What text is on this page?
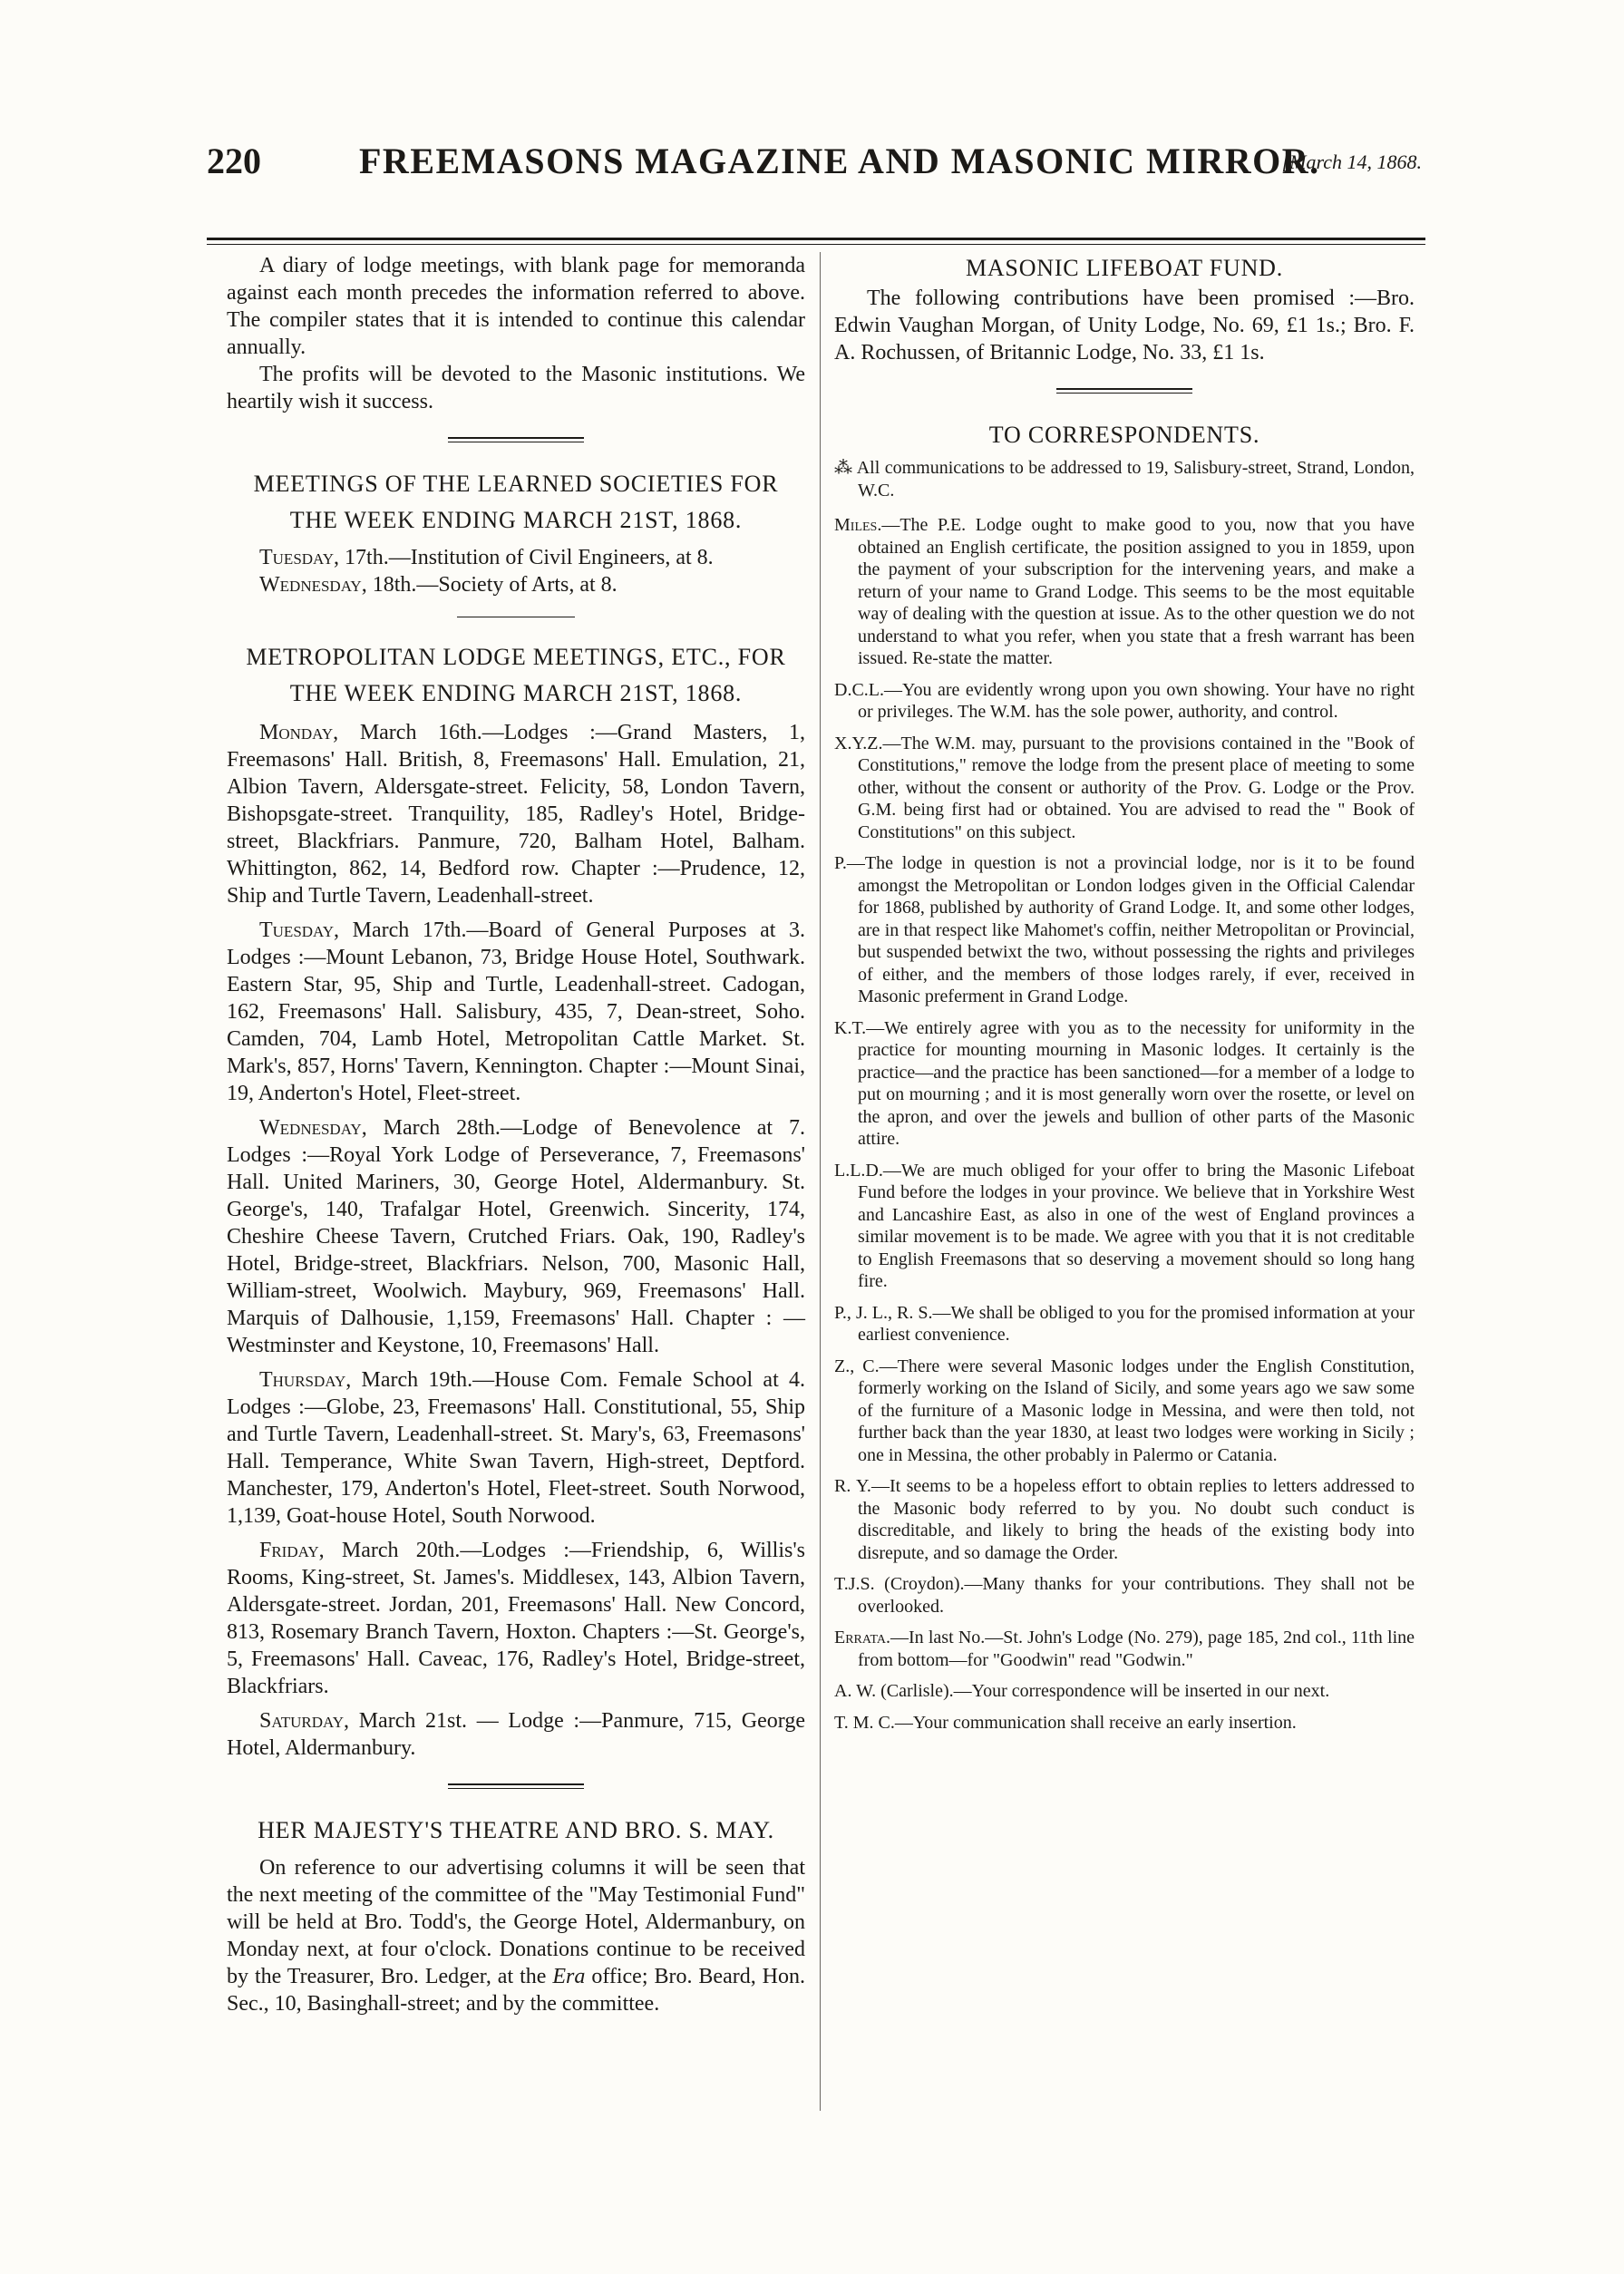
220	FREEMASONS MAGAZINE AND MASONIC MIRROR.
[March 14, 1868.

A diary of lodge meetings, with blank page for memoranda against each month precedes the information referred to above. The compiler states that it is intended to continue this calendar annually.

The profits will be devoted to the Masonic institutions. We heartily wish it success.

MEETINGS OF THE LEARNED SOCIETIES FOR THE WEEK ENDING MARCH 21ST, 1868.

Tuesday, 17th.—Institution of Civil Engineers, at 8.

Wednesday, 18th.—Society of Arts, at 8.

METROPOLITAN LODGE MEETINGS, ETC., FOR THE WEEK ENDING MARCH 21ST, 1868.

Monday, March 16th.—Lodges :—Grand Masters, 1, Freemasons' Hall. British, 8, Freemasons' Hall. Emulation, 21, Albion Tavern, Aldersgate-street. Felicity, 58, London Tavern, Bishopsgate-street. Tranquility, 185, Radley's Hotel, Bridge-street, Blackfriars. Panmure, 720, Balham Hotel, Balham. Whittington, 862, 14, Bedford row. Chapter :—Prudence, 12, Ship and Turtle Tavern, Leadenhall-street.

Tuesday, March 17th.—Board of General Purposes at 3. Lodges :—Mount Lebanon, 73, Bridge House Hotel, Southwark. Eastern Star, 95, Ship and Turtle, Leadenhall-street. Cadogan, 162, Freemasons' Hall. Salisbury, 435, 7, Dean-street, Soho. Camden, 704, Lamb Hotel, Metropolitan Cattle Market. St. Mark's, 857, Horns' Tavern, Kennington. Chapter :—Mount Sinai, 19, Anderton's Hotel, Fleet-street.

Wednesday, March 28th.—Lodge of Benevolence at 7. Lodges :—Royal York Lodge of Perseverance, 7, Freemasons' Hall. United Mariners, 30, George Hotel, Aldermanbury. St. George's, 140, Trafalgar Hotel, Greenwich. Sincerity, 174, Cheshire Cheese Tavern, Crutched Friars. Oak, 190, Radley's Hotel, Bridge-street, Blackfriars. Nelson, 700, Masonic Hall, William-street, Woolwich. Maybury, 969, Freemasons' Hall. Marquis of Dalhousie, 1,159, Freemasons' Hall. Chapter : —Westminster and Keystone, 10, Freemasons' Hall.

Thursday, March 19th.—House Com. Female School at 4. Lodges :—Globe, 23, Freemasons' Hall. Constitutional, 55, Ship and Turtle Tavern, Leadenhall-street. St. Mary's, 63, Freemasons' Hall. Temperance, White Swan Tavern, High-street, Deptford. Manchester, 179, Anderton's Hotel, Fleet-street. South Norwood, 1,139, Goat-house Hotel, South Norwood.

Friday, March 20th.—Lodges :—Friendship, 6, Willis's Rooms, King-street, St. James's. Middlesex, 143, Albion Tavern, Aldersgate-street. Jordan, 201, Freemasons' Hall. New Concord, 813, Rosemary Branch Tavern, Hoxton. Chapters :—St. George's, 5, Freemasons' Hall. Caveac, 176, Radley's Hotel, Bridge-street, Blackfriars.

Saturday, March 21st. — Lodge :—Panmure, 715, George Hotel, Aldermanbury.

HER MAJESTY'S THEATRE AND BRO. S. MAY.

On reference to our advertising columns it will be seen that the next meeting of the committee of the "May Testimonial Fund" will be held at Bro. Todd's, the George Hotel, Aldermanbury, on Monday next, at four o'clock. Donations continue to be received by the Treasurer, Bro. Ledger, at the Era office; Bro. Beard, Hon. Sec., 10, Basinghall-street; and by the committee.

MASONIC LIFEBOAT FUND.

The following contributions have been promised :—Bro. Edwin Vaughan Morgan, of Unity Lodge, No. 69, £1 1s.; Bro. F. A. Rochussen, of Britannic Lodge, No. 33, £1 1s.

TO CORRESPONDENTS.

⁂ All communications to be addressed to 19, Salisbury-street, Strand, London, W.C.

Miles.—The P.E. Lodge ought to make good to you, now that you have obtained an English certificate, the position assigned to you in 1859, upon the payment of your subscription for the intervening years, and make a return of your name to Grand Lodge. This seems to be the most equitable way of dealing with the question at issue. As to the other question we do not understand to what you refer, when you state that a fresh warrant has been issued. Re-state the matter.

D.C.L.—You are evidently wrong upon you own showing. Your have no right or privileges. The W.M. has the sole power, authority, and control.

X.Y.Z.—The W.M. may, pursuant to the provisions contained in the "Book of Constitutions," remove the lodge from the present place of meeting to some other, without the consent or authority of the Prov. G. Lodge or the Prov. G.M. being first had or obtained. You are advised to read the " Book of Constitutions" on this subject.

P.—The lodge in question is not a provincial lodge, nor is it to be found amongst the Metropolitan or London lodges given in the Official Calendar for 1868, published by authority of Grand Lodge. It, and some other lodges, are in that respect like Mahomet's coffin, neither Metropolitan or Provincial, but suspended betwixt the two, without possessing the rights and privileges of either, and the members of those lodges rarely, if ever, received in Masonic preferment in Grand Lodge.

K.T.—We entirely agree with you as to the necessity for uniformity in the practice for mounting mourning in Masonic lodges. It certainly is the practice—and the practice has been sanctioned—for a member of a lodge to put on mourning ; and it is most generally worn over the rosette, or level on the apron, and over the jewels and bullion of other parts of the Masonic attire.

L.L.D.—We are much obliged for your offer to bring the Masonic Lifeboat Fund before the lodges in your province. We believe that in Yorkshire West and Lancashire East, as also in one of the west of England provinces a similar movement is to be made. We agree with you that it is not creditable to English Freemasons that so deserving a movement should so long hang fire.

P., J. L., R. S.—We shall be obliged to you for the promised information at your earliest convenience.

Z., C.—There were several Masonic lodges under the English Constitution, formerly working on the Island of Sicily, and some years ago we saw some of the furniture of a Masonic lodge in Messina, and were then told, not further back than the year 1830, at least two lodges were working in Sicily ; one in Messina, the other probably in Palermo or Catania.

R. Y.—It seems to be a hopeless effort to obtain replies to letters addressed to the Masonic body referred to by you. No doubt such conduct is discreditable, and likely to bring the heads of the existing body into disrepute, and so damage the Order.

T.J.S. (Croydon).—Many thanks for your contributions. They shall not be overlooked.

Errata.—In last No.—St. John's Lodge (No. 279), page 185, 2nd col., 11th line from bottom—for "Goodwin" read "Godwin."

A. W. (Carlisle).—Your correspondence will be inserted in our next.

T. M. C.—Your communication shall receive an early insertion.
